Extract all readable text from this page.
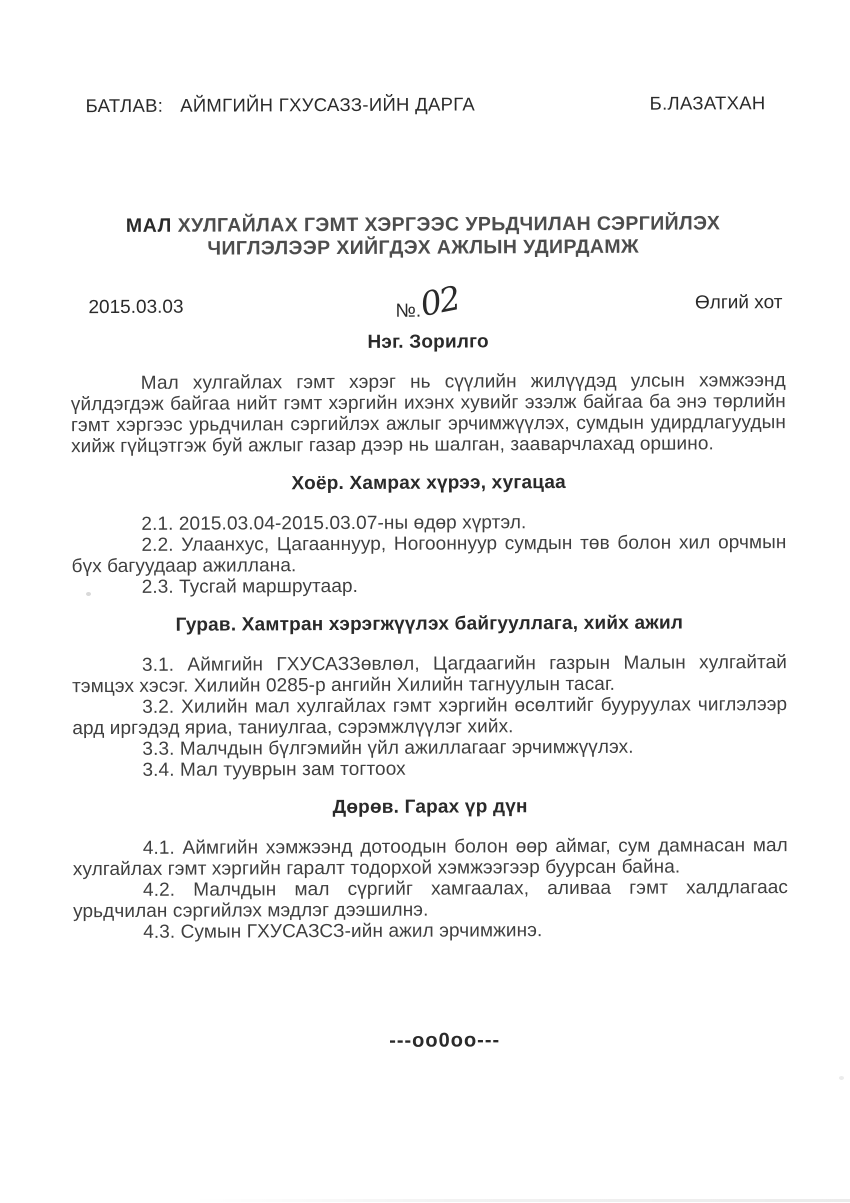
БАТЛАВ: АЙМГИЙН ГХУСАЗЗ-ИЙН ДАРГА	Б.ЛАЗАТХАН
МАЛ ХУЛГАЙЛАХ ГЭМТ ХЭРГЭЭС УРЬДЧИЛАН СЭРГИЙЛЭХ
ЧИГЛЭЛЭЭР ХИЙГДЭХ АЖЛЫН УДИРДАМЖ
2015.03.03	№.02	Өлгий хот
Нэг. Зорилго

Мал хулгайлах гэмт хэрэг нь сүүлийн жилүүдэд улсын хэмжээнд үйлдэгдэж байгаа нийт гэмт хэргийн ихэнх хувийг эзэлж байгаа ба энэ төрлийн гэмт хэргээс урьдчилан сэргийлэх ажлыг эрчимжүүлэх, сумдын удирдлагуудын хийж гүйцэтгэж буй ажлыг газар дээр нь шалган, зааварчлахад оршино.

Хоёр. Хамрах хүрээ, хугацаа

2.1. 2015.03.04-2015.03.07-ны өдөр хүртэл.

2.2. Улаанхус, Цагааннуур, Ногооннуур сумдын төв болон хил орчмын бүх багуудаар ажиллана.

2.3. Тусгай маршрутаар.

Гурав. Хамтран хэрэгжүүлэх байгууллага, хийх ажил

3.1. Аймгийн ГХУСАЗЗөвлөл, Цагдаагийн газрын Малын хулгайтай тэмцэх хэсэг. Хилийн 0285-р ангийн Хилийн тагнуулын тасаг.

3.2. Хилийн мал хулгайлах гэмт хэргийн өсөлтийг бууруулах чиглэлээр ард иргэдэд яриа, таниулгаа, сэрэмжлүүлэг хийх.

3.3. Малчдын бүлгэмийн үйл ажиллагааг эрчимжүүлэх.

3.4. Мал тууврын зам тогтоох

Дөрөв. Гарах үр дүн

4.1. Аймгийн хэмжээнд дотоодын болон өөр аймаг, сум дамнасан мал хулгайлах гэмт хэргийн гаралт тодорхой хэмжээгээр буурсан байна.

4.2. Малчдын мал сүргийг хамгаалах, аливаа гэмт халдлагаас урьдчилан сэргийлэх мэдлэг дээшилнэ.

4.3. Сумын ГХУСАЗСЗ-ийн ажил эрчимжинэ.

---оо0оо---
